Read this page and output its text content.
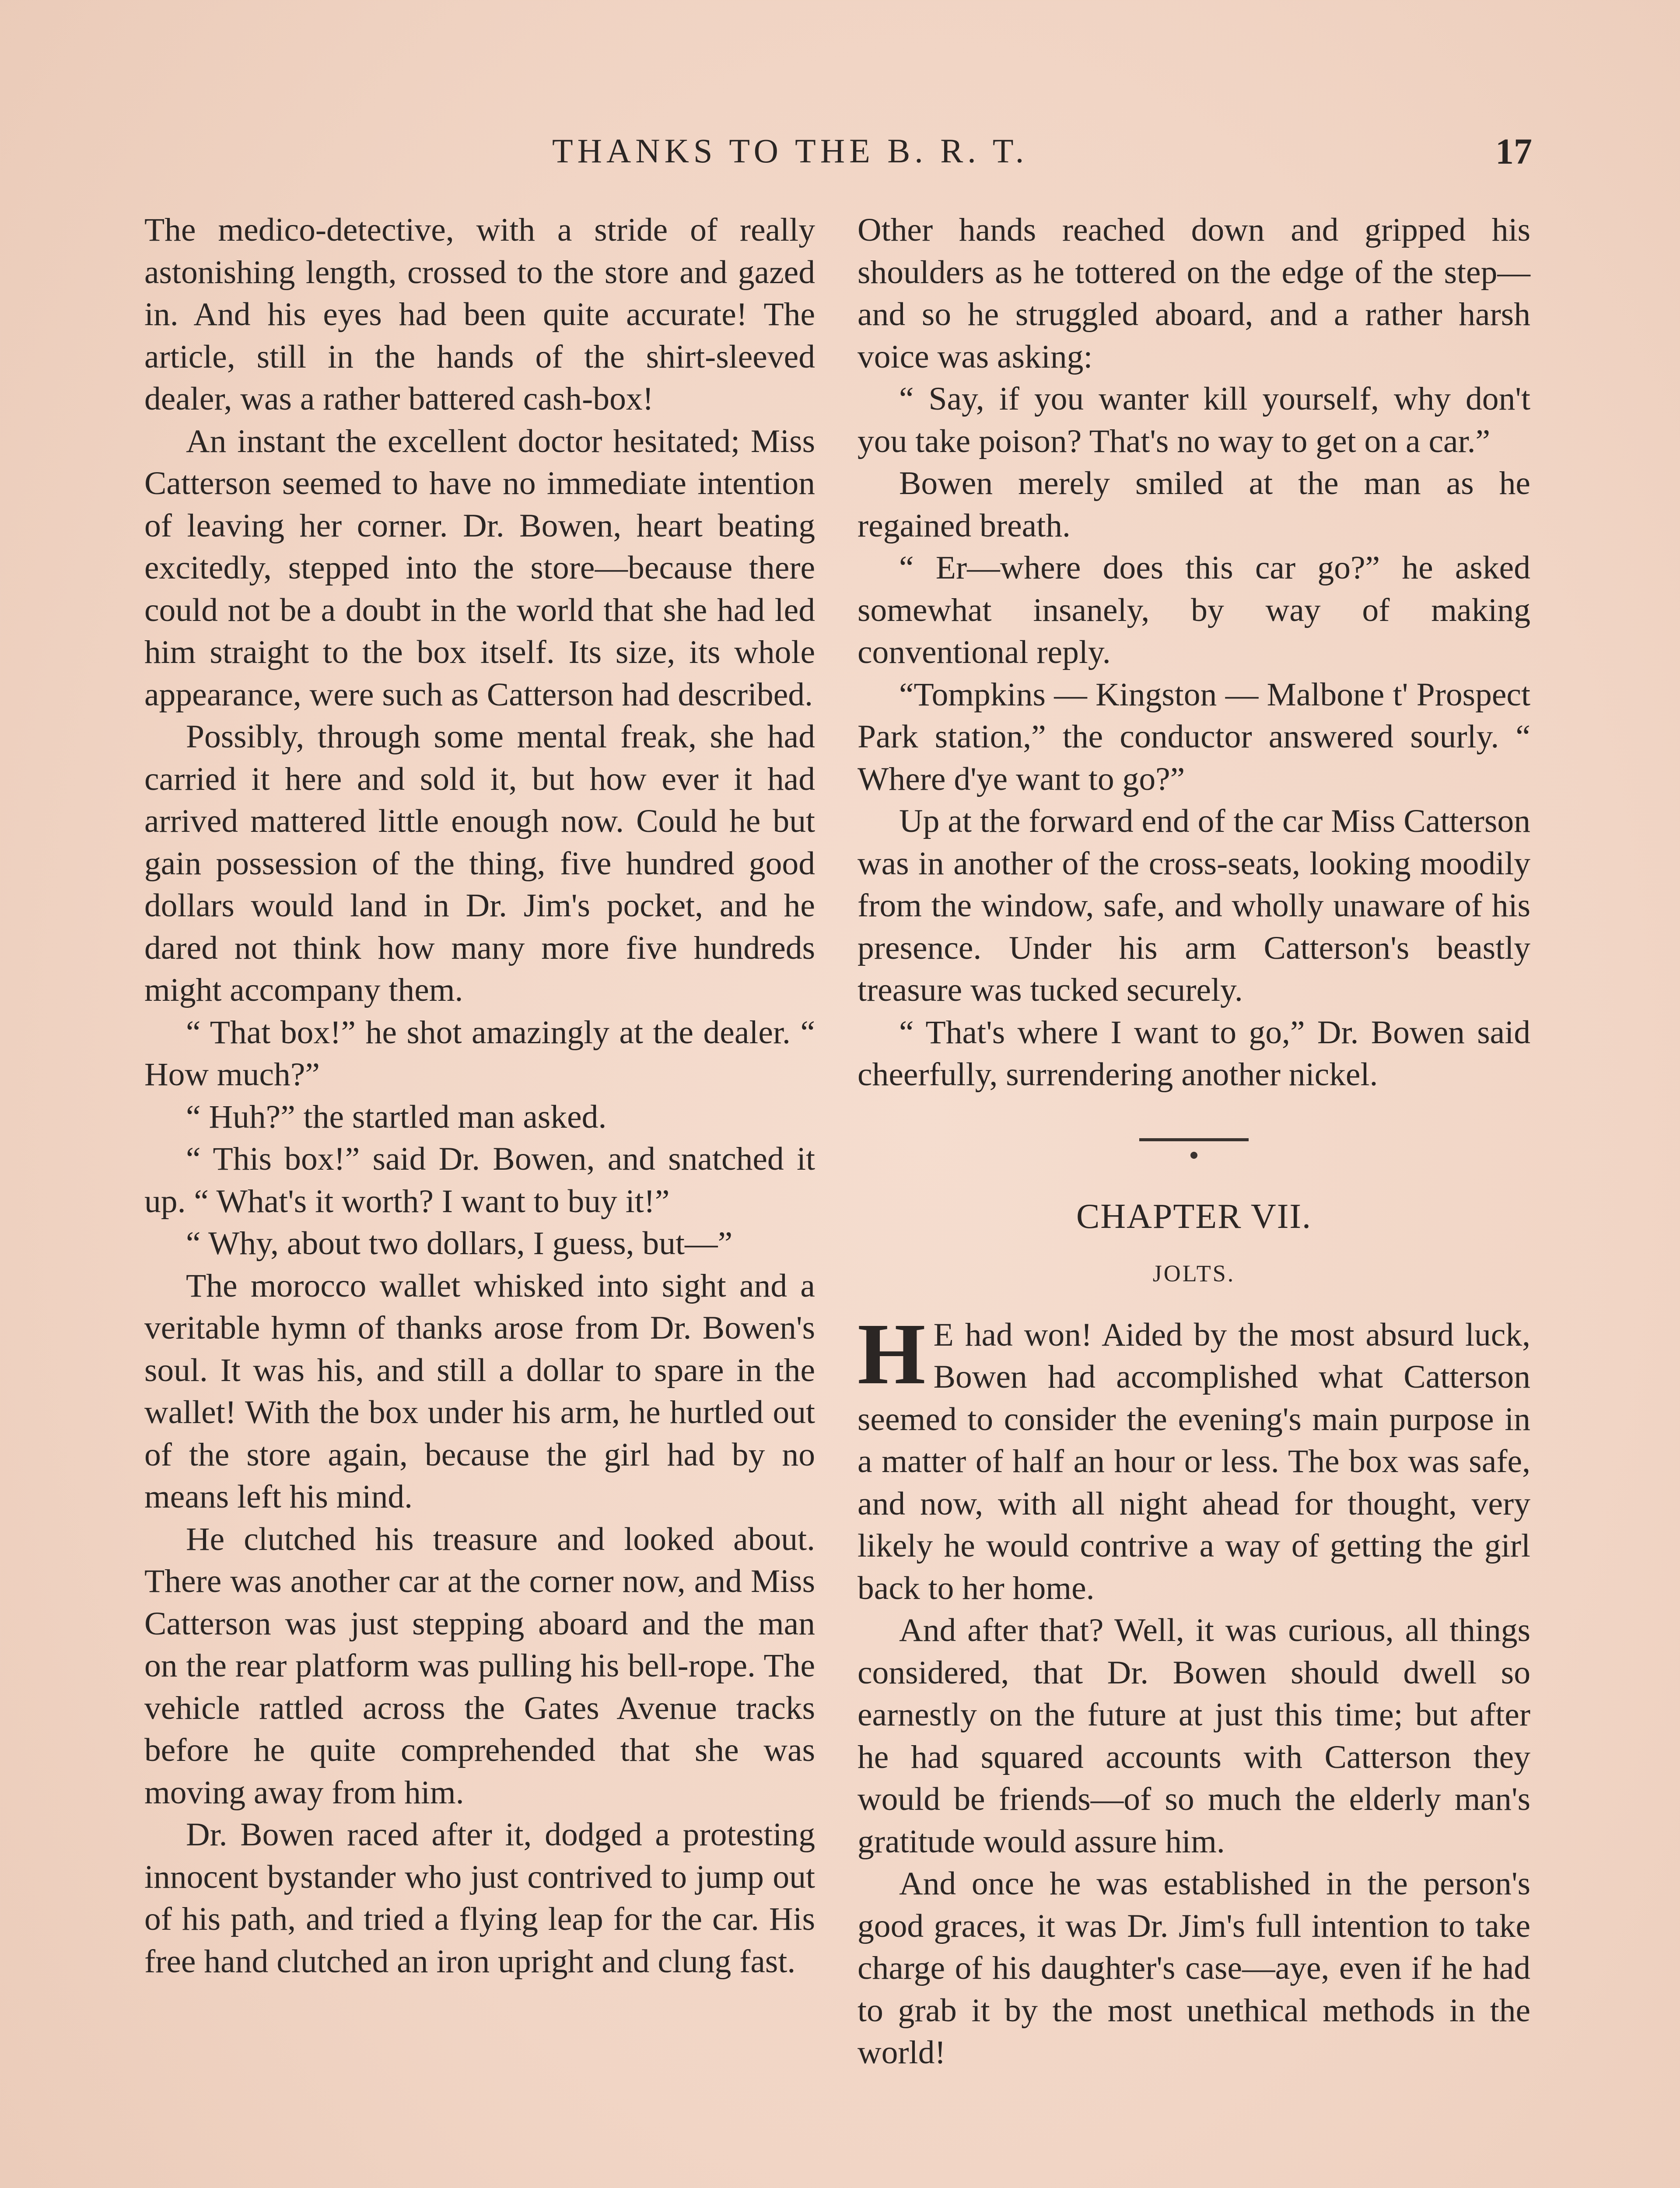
THANKS TO THE B. R. T.	17

The medico-detective, with a stride of really astonishing length, crossed to the store and gazed in. And his eyes had been quite accurate! The article, still in the hands of the shirt-sleeved dealer, was a rather battered cash-box!

An instant the excellent doctor hesitated; Miss Catterson seemed to have no immediate intention of leaving her corner. Dr. Bowen, heart beating excitedly, stepped into the store—because there could not be a doubt in the world that she had led him straight to the box itself. Its size, its whole appearance, were such as Catterson had described.

Possibly, through some mental freak, she had carried it here and sold it, but how ever it had arrived mattered little enough now. Could he but gain possession of the thing, five hundred good dollars would land in Dr. Jim's pocket, and he dared not think how many more five hundreds might accompany them.

“ That box!” he shot amazingly at the dealer. “ How much?”

“ Huh?” the startled man asked.

“ This box!” said Dr. Bowen, and snatched it up. “ What's it worth? I want to buy it!”

“ Why, about two dollars, I guess, but—”

The morocco wallet whisked into sight and a veritable hymn of thanks arose from Dr. Bowen's soul. It was his, and still a dollar to spare in the wallet! With the box under his arm, he hurtled out of the store again, because the girl had by no means left his mind.

He clutched his treasure and looked about. There was another car at the corner now, and Miss Catterson was just stepping aboard and the man on the rear platform was pulling his bell-rope. The vehicle rattled across the Gates Avenue tracks before he quite comprehended that she was moving away from him.

Dr. Bowen raced after it, dodged a protesting innocent bystander who just contrived to jump out of his path, and tried a flying leap for the car. His free hand clutched an iron upright and clung fast.

Other hands reached down and gripped his shoulders as he tottered on the edge of the step—and so he struggled aboard, and a rather harsh voice was asking:

“ Say, if you wanter kill yourself, why don't you take poison? That's no way to get on a car.”

Bowen merely smiled at the man as he regained breath.

“ Er—where does this car go?” he asked somewhat insanely, by way of making conventional reply.

“Tompkins — Kingston — Malbone t' Prospect Park station,” the conductor answered sourly. “ Where d'ye want to go?”

Up at the forward end of the car Miss Catterson was in another of the cross-seats, looking moodily from the window, safe, and wholly unaware of his presence. Under his arm Catterson's beastly treasure was tucked securely.

“ That's where I want to go,” Dr. Bowen said cheerfully, surrendering another nickel.

CHAPTER VII.
JOLTS.

H E had won! Aided by the most absurd luck, Bowen had accomplished what Catterson seemed to consider the evening's main purpose in a matter of half an hour or less. The box was safe, and now, with all night ahead for thought, very likely he would contrive a way of getting the girl back to her home.

And after that? Well, it was curious, all things considered, that Dr. Bowen should dwell so earnestly on the future at just this time; but after he had squared accounts with Catterson they would be friends—of so much the elderly man's gratitude would assure him.

And once he was established in the person's good graces, it was Dr. Jim's full intention to take charge of his daughter's case—aye, even if he had to grab it by the most unethical methods in the world!
